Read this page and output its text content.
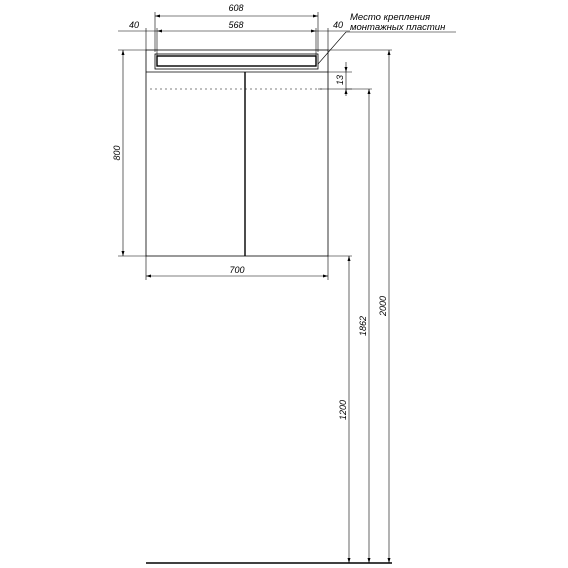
608
40	568	40
Место крепления
монтажных пластин
13
800
700
1200
1862
2000
